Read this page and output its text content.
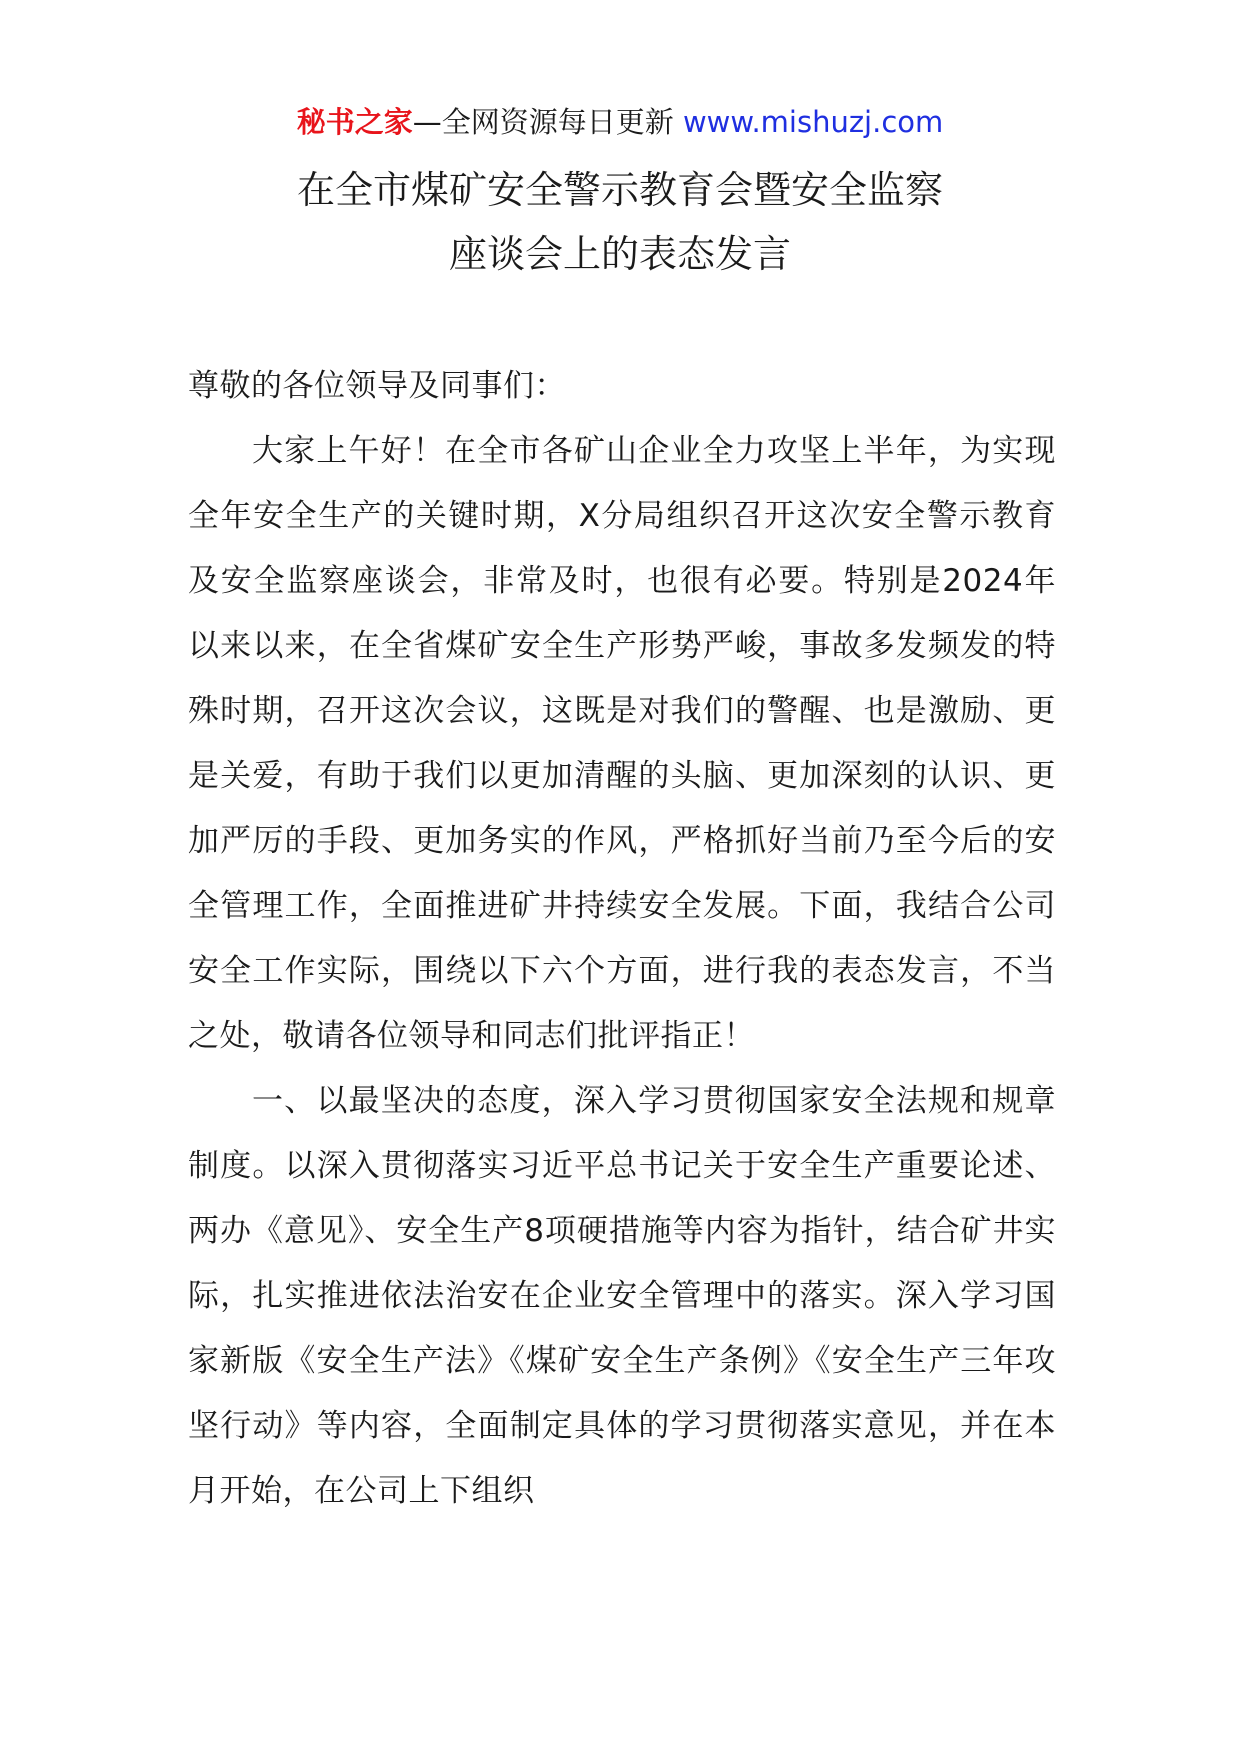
秘书之家—全网资源每日更新 www.mishuzj.com
在全市煤矿安全警示教育会暨安全监察
座谈会上的表态发言

尊敬的各位领导及同事们：

大家上午好！在全市各矿山企业全力攻坚上半年，为实现全年安全生产的关键时期，X分局组织召开这次安全警示教育及安全监察座谈会，非常及时，也很有必要。特别是2024年以来以来，在全省煤矿安全生产形势严峻，事故多发频发的特殊时期，召开这次会议，这既是对我们的警醒、也是激励、更是关爱，有助于我们以更加清醒的头脑、更加深刻的认识、更加严厉的手段、更加务实的作风，严格抓好当前乃至今后的安全管理工作，全面推进矿井持续安全发展。下面，我结合公司安全工作实际，围绕以下六个方面，进行我的表态发言，不当之处，敬请各位领导和同志们批评指正！

一、以最坚决的态度，深入学习贯彻国家安全法规和规章制度。以深入贯彻落实习近平总书记关于安全生产重要论述、两办《意见》、安全生产8项硬措施等内容为指针，结合矿井实际，扎实推进依法治安在企业安全管理中的落实。深入学习国家新版《安全生产法》《煤矿安全生产条例》《安全生产三年攻坚行动》等内容，全面制定具体的学习贯彻落实意见，并在本月开始，在公司上下组织
